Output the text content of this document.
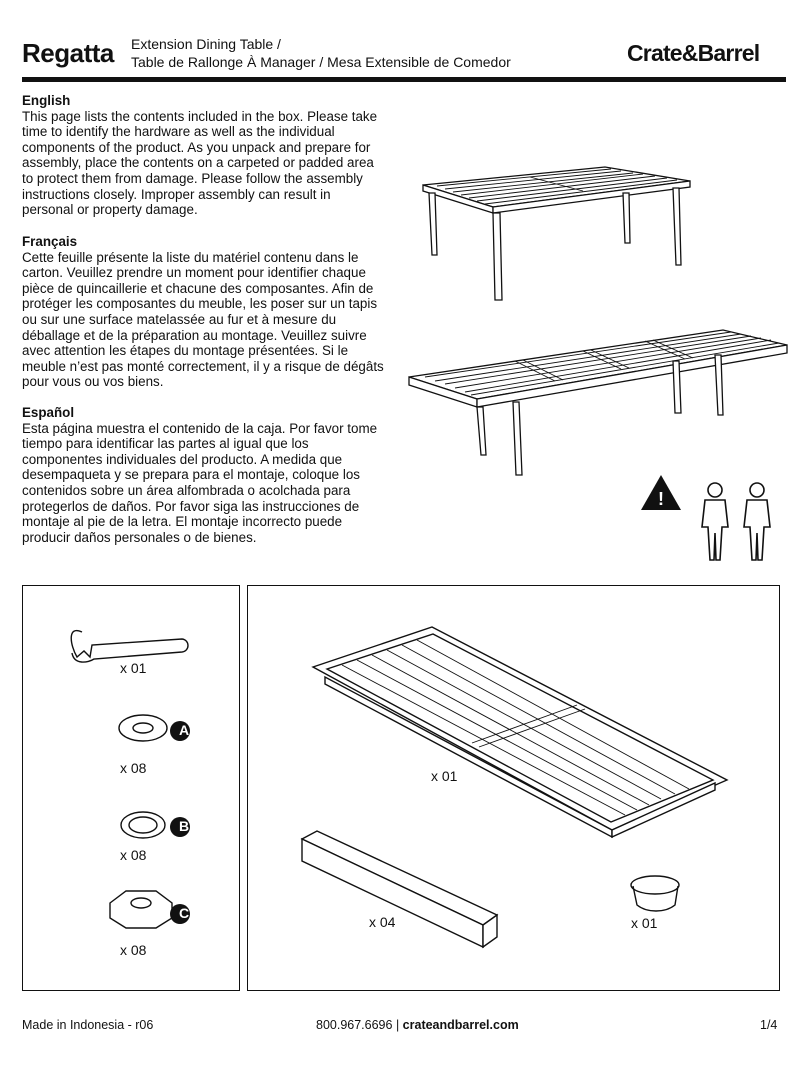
Regatta Extension Dining Table /
Table de Rallonge À Manager / Mesa Extensible de Comedor	Crate&Barrel
English

This page lists the contents included in the box. Please take time to identify the hardware as well as the individual components of the product. As you unpack and prepare for assembly, place the contents on a carpeted or padded area to protect them from damage. Please follow the assembly instructions closely. Improper assembly can result in personal or property damage.

Français

Cette feuille présente la liste du matériel contenu dans le carton. Veuillez prendre un moment pour identifier chaque pièce de quincaillerie et chacune des composantes. Afin de protéger les composantes du meuble, les poser sur un tapis ou sur une surface matelassée au fur et à mesure du déballage et de la préparation au montage. Veuillez suivre avec attention les étapes du montage présentées. Si le meuble n’est pas monté correctement, il y a risque de dégâts pour vous ou vos biens.

Español

Esta página muestra el contenido de la caja. Por favor tome tiempo para identificar las partes al igual que los componentes individuales del producto. A medida que desempaqueta y se prepara para el montaje, coloque los contenidos sobre un área alfombrada o acolchada para protegerlos de daños. Por favor siga las instrucciones de montaje al pie de la letra. El montaje incorrecto puede producir daños personales o de bienes.

!
x 01
x 08
x 08
x 08
A
B
C
x 01
x 04	x 01
Made in Indonesia - r06	800.967.6696 | crateandbarrel.com	1/4
